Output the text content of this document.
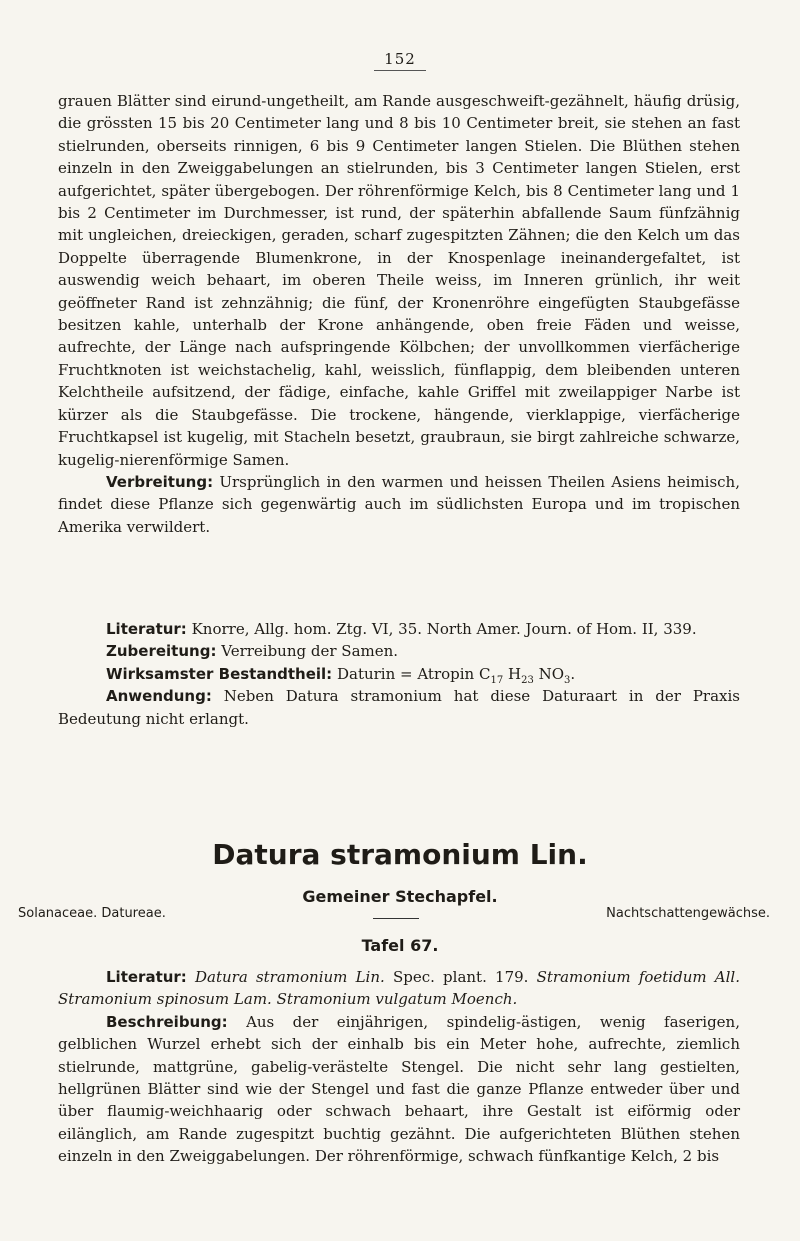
152

grauen Blätter sind eirund-ungetheilt, am Rande ausgeschweift-gezähnelt, häufig drüsig, die grössten 15 bis 20 Centimeter lang und 8 bis 10 Centimeter breit, sie stehen an fast stielrunden, oberseits rinnigen, 6 bis 9 Centimeter langen Stielen. Die Blüthen stehen einzeln in den Zweiggabelungen an stielrunden, bis 3 Centimeter langen Stielen, erst aufgerichtet, später übergebogen. Der röhrenförmige Kelch, bis 8 Centimeter lang und 1 bis 2 Centimeter im Durchmesser, ist rund, der späterhin abfallende Saum fünfzähnig mit ungleichen, dreieckigen, geraden, scharf zugespitzten Zähnen; die den Kelch um das Doppelte überragende Blumenkrone, in der Knospenlage ineinandergefaltet, ist auswendig weich behaart, im oberen Theile weiss, im Inneren grünlich, ihr weit geöffneter Rand ist zehnzähnig; die fünf, der Kronenröhre eingefügten Staubgefässe besitzen kahle, unterhalb der Krone anhängende, oben freie Fäden und weisse, aufrechte, der Länge nach aufspringende Kölbchen; der unvollkommen vierfächerige Fruchtknoten ist weichstachelig, kahl, weisslich, fünflappig, dem bleibenden unteren Kelchtheile aufsitzend, der fädige, einfache, kahle Griffel mit zweilappiger Narbe ist kürzer als die Staubgefässe. Die trockene, hängende, vierklappige, vierfächerige Fruchtkapsel ist kugelig, mit Stacheln besetzt, graubraun, sie birgt zahlreiche schwarze, kugelig-nierenförmige Samen.

Verbreitung: Ursprünglich in den warmen und heissen Theilen Asiens heimisch, findet diese Pflanze sich gegenwärtig auch im südlichsten Europa und im tropischen Amerika verwildert.

Literatur: Knorre, Allg. hom. Ztg. VI, 35. North Amer. Journ. of Hom. II, 339.

Zubereitung: Verreibung der Samen.

Wirksamster Bestandtheil: Daturin = Atropin $C_{17}$ $H_{23}$ $NO_3$.

Anwendung: Neben Datura stramonium hat diese Daturaart in der Praxis Bedeutung nicht erlangt.

Datura stramonium Lin.
Gemeiner Stechapfel.
Solanaceae. Datureae.	Nachtschattengewächse.
Tafel 67.

Literatur: Datura stramonium Lin. Spec. plant. 179. Stramonium foetidum All. Stramonium spinosum Lam. Stramonium vulgatum Moench.

Beschreibung: Aus der einjährigen, spindelig-ästigen, wenig faserigen, gelblichen Wurzel erhebt sich der einhalb bis ein Meter hohe, aufrechte, ziemlich stielrunde, mattgrüne, gabelig-verästelte Stengel. Die nicht sehr lang gestielten, hellgrünen Blätter sind wie der Stengel und fast die ganze Pflanze entweder über und über flaumig-weichhaarig oder schwach behaart, ihre Gestalt ist eiförmig oder eilänglich, am Rande zugespitzt buchtig gezähnt. Die aufgerichteten Blüthen stehen einzeln in den Zweiggabelungen. Der röhrenförmige, schwach fünfkantige Kelch, 2 bis
